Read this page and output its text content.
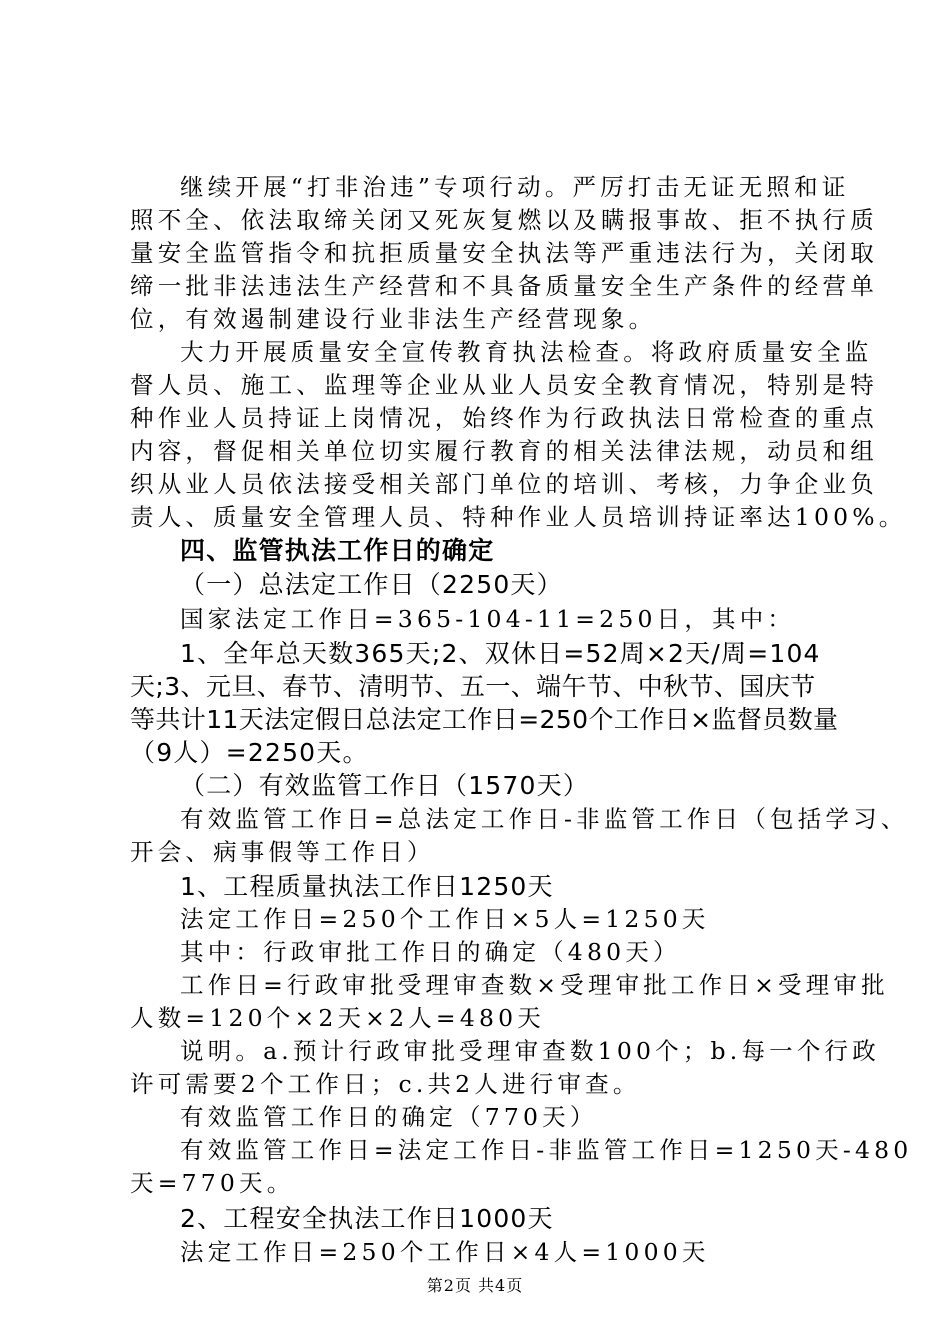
继续开展“打非治违”专项行动。严厉打击无证无照和证
照不全、依法取缔关闭又死灰复燃以及瞒报事故、拒不执行质
量安全监管指令和抗拒质量安全执法等严重违法行为，关闭取
缔一批非法违法生产经营和不具备质量安全生产条件的经营单
位，有效遏制建设行业非法生产经营现象。
大力开展质量安全宣传教育执法检查。将政府质量安全监
督人员、施工、监理等企业从业人员安全教育情况，特别是特
种作业人员持证上岗情况，始终作为行政执法日常检查的重点
内容，督促相关单位切实履行教育的相关法律法规，动员和组
织从业人员依法接受相关部门单位的培训、考核，力争企业负
责人、质量安全管理人员、特种作业人员培训持证率达100%。
四、监管执法工作日的确定
（一）总法定工作日（2250天）
国家法定工作日=365-104-11=250日，其中：
1、全年总天数365天;2、双休日=52周×2天/周=104
天;3、元旦、春节、清明节、五一、端午节、中秋节、国庆节
等共计11天法定假日总法定工作日=250个工作日×监督员数量
（9人）=2250天。
（二）有效监管工作日（1570天）
有效监管工作日=总法定工作日-非监管工作日（包括学习、
开会、病事假等工作日）
1、工程质量执法工作日1250天
法定工作日=250个工作日×5人=1250天
其中：行政审批工作日的确定（480天）
工作日=行政审批受理审查数×受理审批工作日×受理审批
人数=120个×2天×2人=480天
说明。a.预计行政审批受理审查数100个；b.每一个行政
许可需要2个工作日；c.共2人进行审查。
有效监管工作日的确定（770天）
有效监管工作日=法定工作日-非监管工作日=1250天-480
天=770天。
2、工程安全执法工作日1000天
法定工作日=250个工作日×4人=1000天
第2页 共4页
